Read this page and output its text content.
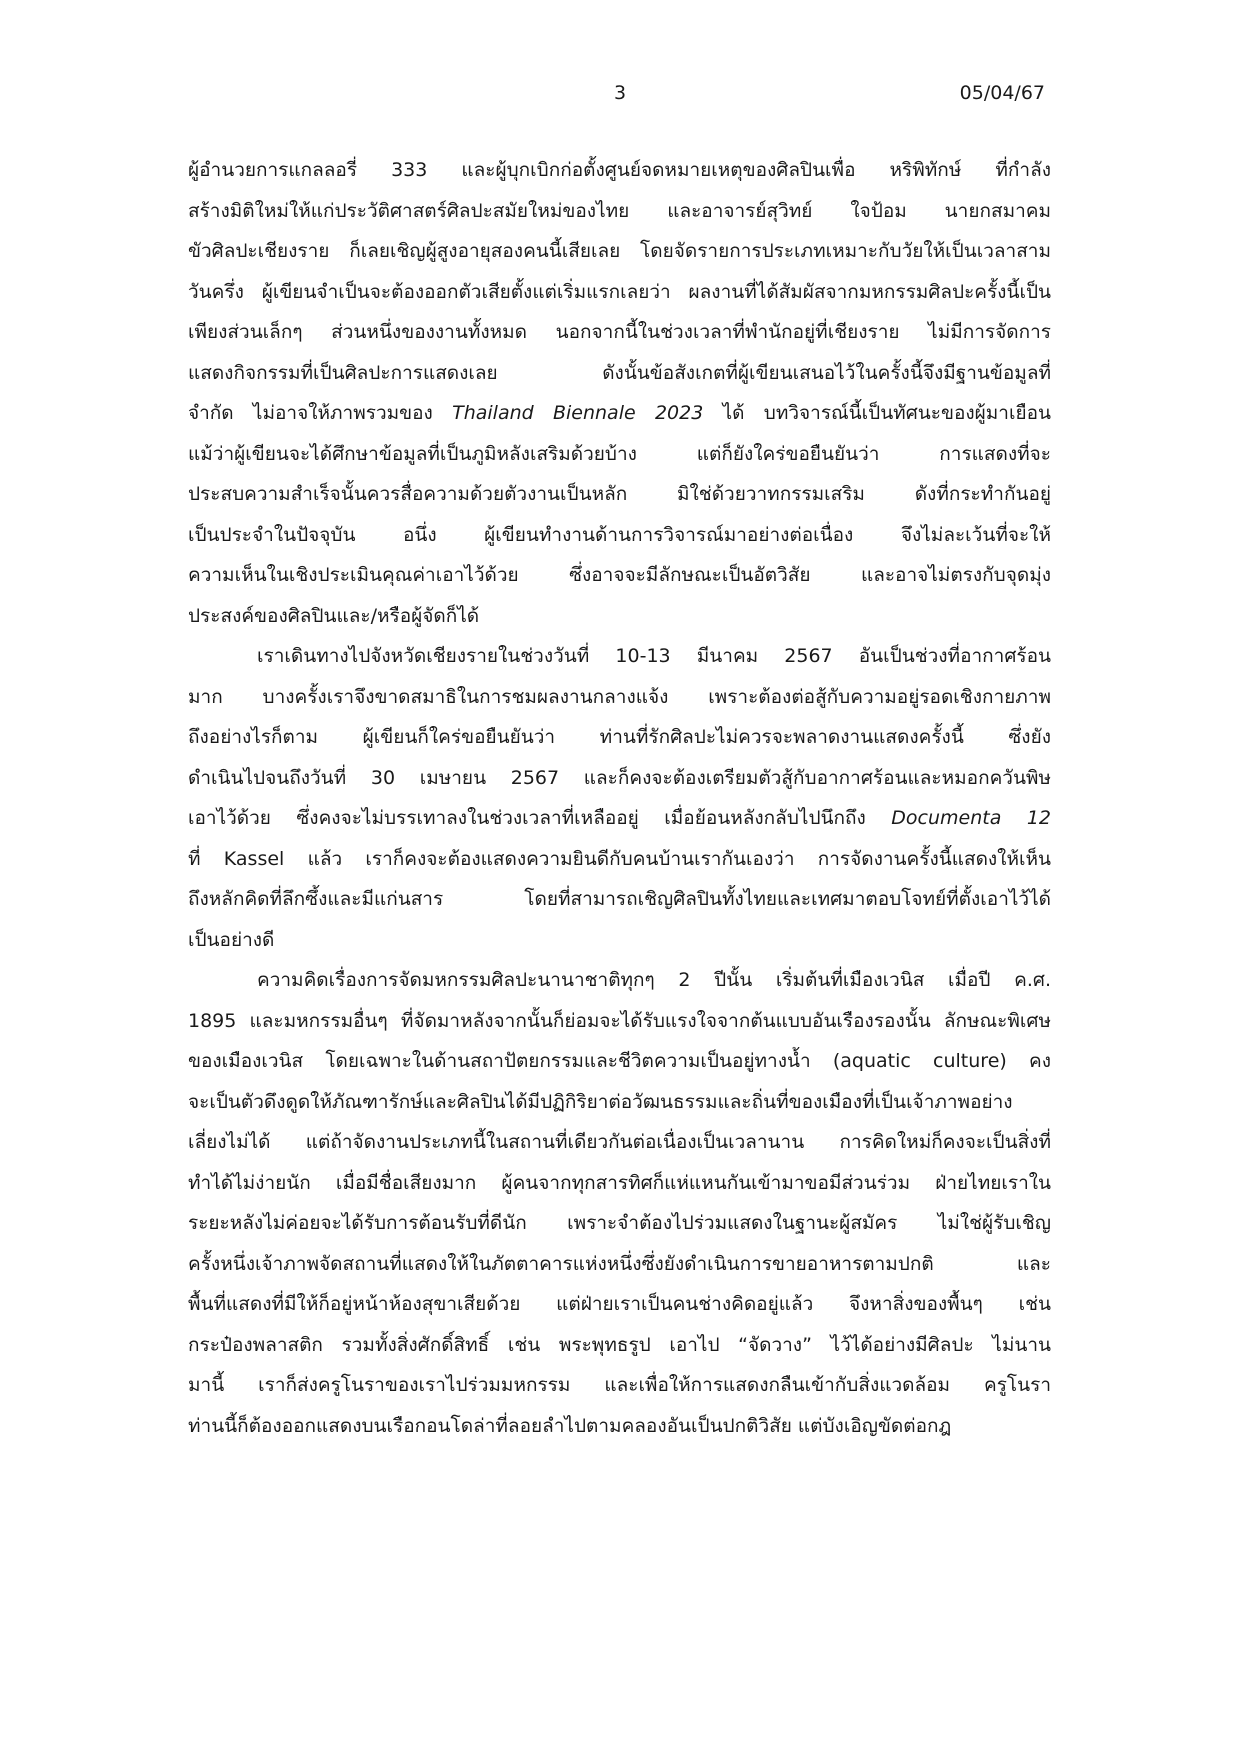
3	05/04/67
ผู้อำนวยการแกลลอรี่ 333 และผู้บุกเบิกก่อตั้งศูนย์จดหมายเหตุของศิลปินเพื่อ หริพิทักษ์ ที่กำลัง
สร้างมิติใหม่ให้แก่ประวัติศาสตร์ศิลปะสมัยใหม่ของไทย และอาจารย์สุวิทย์ ใจป้อม นายกสมาคม
ขัวศิลปะเชียงราย ก็เลยเชิญผู้สูงอายุสองคนนี้เสียเลย โดยจัดรายการประเภทเหมาะกับวัยให้เป็นเวลาสาม
วันครึ่ง ผู้เขียนจำเป็นจะต้องออกตัวเสียตั้งแต่เริ่มแรกเลยว่า ผลงานที่ได้สัมผัสจากมหกรรมศิลปะครั้งนี้เป็น
เพียงส่วนเล็กๆ ส่วนหนึ่งของงานทั้งหมด นอกจากนี้ในช่วงเวลาที่พำนักอยู่ที่เชียงราย ไม่มีการจัดการ
แสดงกิจกรรมที่เป็นศิลปะการแสดงเลย ดังนั้นข้อสังเกตที่ผู้เขียนเสนอไว้ในครั้งนี้จึงมีฐานข้อมูลที่
จำกัด ไม่อาจให้ภาพรวมของ Thailand Biennale 2023 ได้ บทวิจารณ์นี้เป็นทัศนะของผู้มาเยือน
แม้ว่าผู้เขียนจะได้ศึกษาข้อมูลที่เป็นภูมิหลังเสริมด้วยบ้าง แต่ก็ยังใคร่ขอยืนยันว่า การแสดงที่จะ
ประสบความสำเร็จนั้นควรสื่อความด้วยตัวงานเป็นหลัก มิใช่ด้วยวาทกรรมเสริม ดังที่กระทำกันอยู่
เป็นประจำในปัจจุบัน อนึ่ง ผู้เขียนทำงานด้านการวิจารณ์มาอย่างต่อเนื่อง จึงไม่ละเว้นที่จะให้
ความเห็นในเชิงประเมินคุณค่าเอาไว้ด้วย ซึ่งอาจจะมีลักษณะเป็นอัตวิสัย และอาจไม่ตรงกับจุดมุ่ง
ประสงค์ของศิลปินและ/หรือผู้จัดก็ได้
เราเดินทางไปจังหวัดเชียงรายในช่วงวันที่ 10-13 มีนาคม 2567 อันเป็นช่วงที่อากาศร้อน
มาก บางครั้งเราจึงขาดสมาธิในการชมผลงานกลางแจ้ง เพราะต้องต่อสู้กับความอยู่รอดเชิงกายภาพ
ถึงอย่างไรก็ตาม ผู้เขียนก็ใคร่ขอยืนยันว่า ท่านที่รักศิลปะไม่ควรจะพลาดงานแสดงครั้งนี้ ซึ่งยัง
ดำเนินไปจนถึงวันที่ 30 เมษายน 2567 และก็คงจะต้องเตรียมตัวสู้กับอากาศร้อนและหมอกควันพิษ
เอาไว้ด้วย ซึ่งคงจะไม่บรรเทาลงในช่วงเวลาที่เหลืออยู่ เมื่อย้อนหลังกลับไปนึกถึง Documenta 12
ที่ Kassel แล้ว เราก็คงจะต้องแสดงความยินดีกับคนบ้านเรากันเองว่า การจัดงานครั้งนี้แสดงให้เห็น
ถึงหลักคิดที่ลึกซึ้งและมีแก่นสาร โดยที่สามารถเชิญศิลปินทั้งไทยและเทศมาตอบโจทย์ที่ตั้งเอาไว้ได้
เป็นอย่างดี
ความคิดเรื่องการจัดมหกรรมศิลปะนานาชาติทุกๆ 2 ปีนั้น เริ่มต้นที่เมืองเวนิส เมื่อปี ค.ศ.
1895 และมหกรรมอื่นๆ ที่จัดมาหลังจากนั้นก็ย่อมจะได้รับแรงใจจากต้นแบบอันเรืองรองนั้น ลักษณะพิเศษ
ของเมืองเวนิส โดยเฉพาะในด้านสถาปัตยกรรมและชีวิตความเป็นอยู่ทางน้ำ (aquatic culture) คง
จะเป็นตัวดึงดูดให้ภัณฑารักษ์และศิลปินได้มีปฏิกิริยาต่อวัฒนธรรมและถิ่นที่ของเมืองที่เป็นเจ้าภาพอย่าง
เลี่ยงไม่ได้ แต่ถ้าจัดงานประเภทนี้ในสถานที่เดียวกันต่อเนื่องเป็นเวลานาน การคิดใหม่ก็คงจะเป็นสิ่งที่
ทำได้ไม่ง่ายนัก เมื่อมีชื่อเสียงมาก ผู้คนจากทุกสารทิศก็แห่แหนกันเข้ามาขอมีส่วนร่วม ฝ่ายไทยเราใน
ระยะหลังไม่ค่อยจะได้รับการต้อนรับที่ดีนัก เพราะจำต้องไปร่วมแสดงในฐานะผู้สมัคร ไม่ใช่ผู้รับเชิญ
ครั้งหนึ่งเจ้าภาพจัดสถานที่แสดงให้ในภัตตาคารแห่งหนึ่งซึ่งยังดำเนินการขายอาหารตามปกติ และ
พื้นที่แสดงที่มีให้ก็อยู่หน้าห้องสุขาเสียด้วย แต่ฝ่ายเราเป็นคนช่างคิดอยู่แล้ว จึงหาสิ่งของพื้นๆ เช่น
กระป๋องพลาสติก รวมทั้งสิ่งศักดิ์สิทธิ์ เช่น พระพุทธรูป เอาไป “จัดวาง” ไว้ได้อย่างมีศิลปะ ไม่นาน
มานี้ เราก็ส่งครูโนราของเราไปร่วมมหกรรม และเพื่อให้การแสดงกลืนเข้ากับสิ่งแวดล้อม ครูโนรา
ท่านนี้ก็ต้องออกแสดงบนเรือกอนโดล่าที่ลอยลำไปตามคลองอันเป็นปกติวิสัย แต่บังเอิญขัดต่อกฎ
